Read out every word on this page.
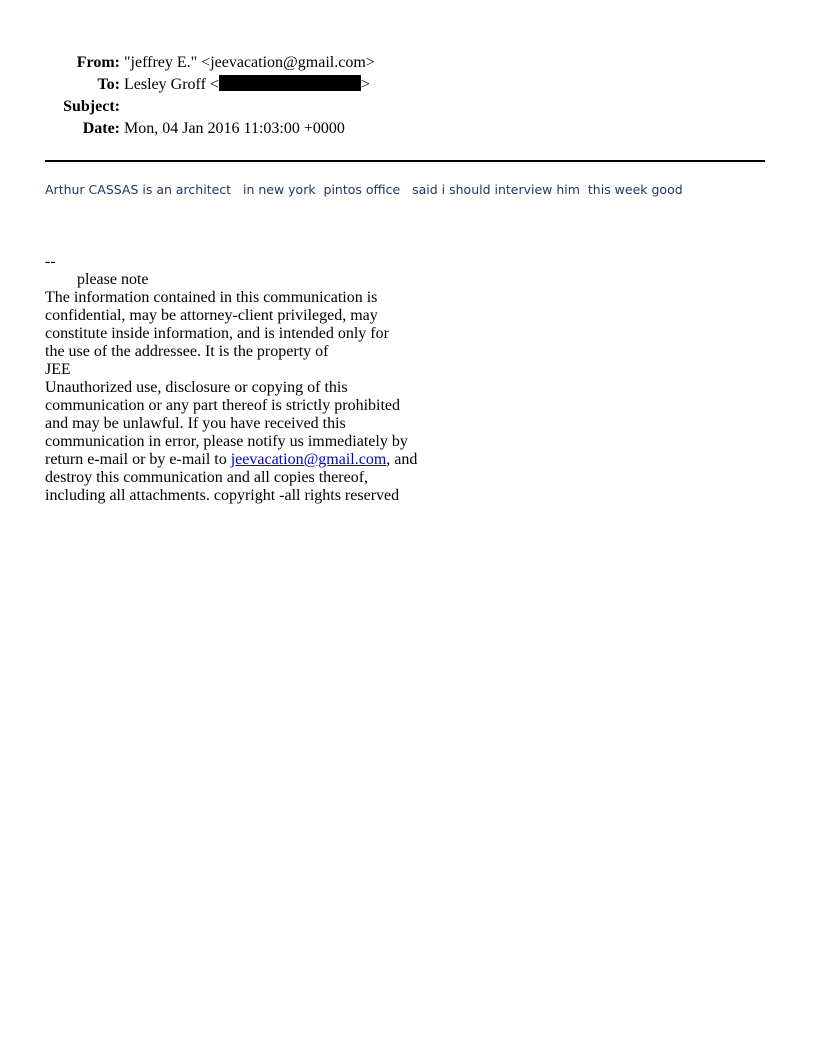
From: "jeffrey E." <jeevacation@gmail.com>
To: Lesley Groff <	>
Subject:
Date: Mon, 04 Jan 2016 11:03:00 +0000
Arthur CASSAS is an architect   in new york  pintos office   said i should interview him  this week good
--
please note
The information contained in this communication is
confidential, may be attorney-client privileged, may
constitute inside information, and is intended only for
the use of the addressee. It is the property of
JEE
Unauthorized use, disclosure or copying of this
communication or any part thereof is strictly prohibited
and may be unlawful. If you have received this
communication in error, please notify us immediately by
return e-mail or by e-mail to jeevacation@gmail.com, and
destroy this communication and all copies thereof,
including all attachments. copyright -all rights reserved
